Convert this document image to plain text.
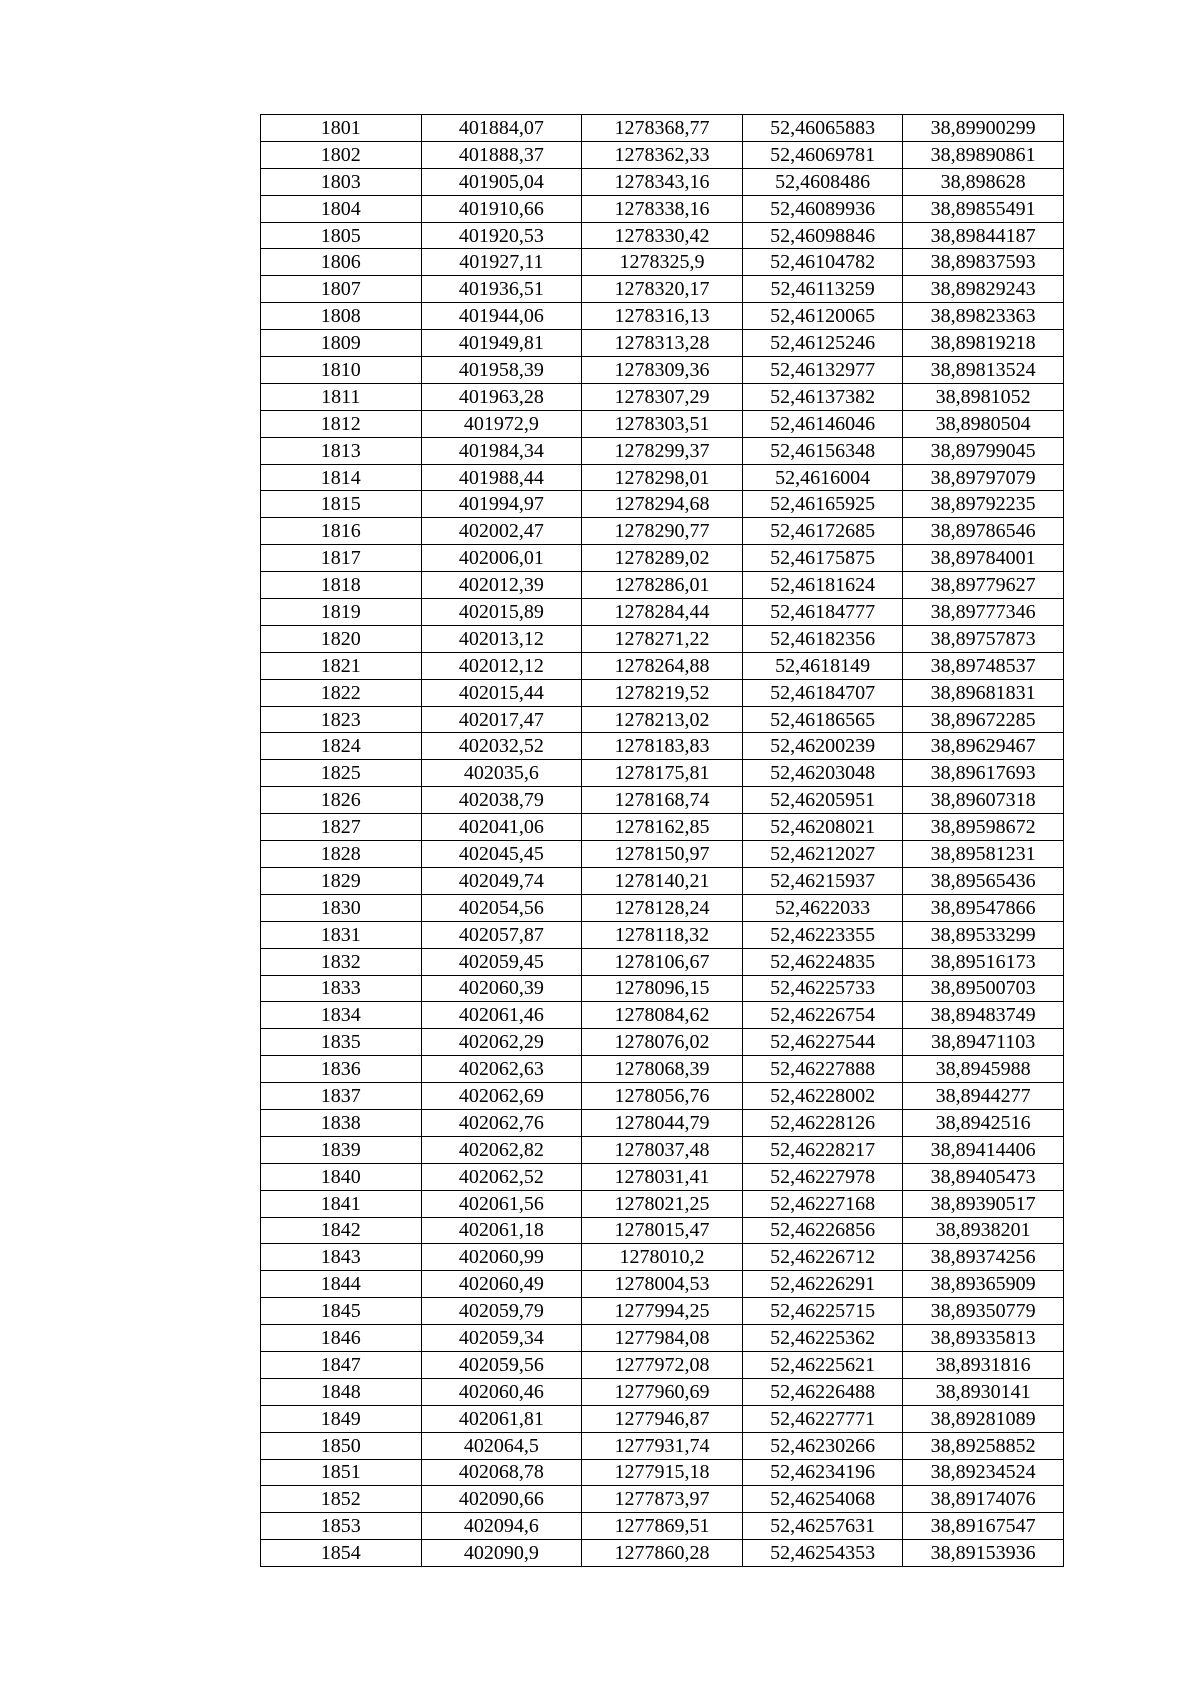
1801	401884,07	1278368,77	52,46065883	38,89900299
1802	401888,37	1278362,33	52,46069781	38,89890861
1803	401905,04	1278343,16	52,4608486	38,898628
1804	401910,66	1278338,16	52,46089936	38,89855491
1805	401920,53	1278330,42	52,46098846	38,89844187
1806	401927,11	1278325,9	52,46104782	38,89837593
1807	401936,51	1278320,17	52,46113259	38,89829243
1808	401944,06	1278316,13	52,46120065	38,89823363
1809	401949,81	1278313,28	52,46125246	38,89819218
1810	401958,39	1278309,36	52,46132977	38,89813524
1811	401963,28	1278307,29	52,46137382	38,8981052
1812	401972,9	1278303,51	52,46146046	38,8980504
1813	401984,34	1278299,37	52,46156348	38,89799045
1814	401988,44	1278298,01	52,4616004	38,89797079
1815	401994,97	1278294,68	52,46165925	38,89792235
1816	402002,47	1278290,77	52,46172685	38,89786546
1817	402006,01	1278289,02	52,46175875	38,89784001
1818	402012,39	1278286,01	52,46181624	38,89779627
1819	402015,89	1278284,44	52,46184777	38,89777346
1820	402013,12	1278271,22	52,46182356	38,89757873
1821	402012,12	1278264,88	52,4618149	38,89748537
1822	402015,44	1278219,52	52,46184707	38,89681831
1823	402017,47	1278213,02	52,46186565	38,89672285
1824	402032,52	1278183,83	52,46200239	38,89629467
1825	402035,6	1278175,81	52,46203048	38,89617693
1826	402038,79	1278168,74	52,46205951	38,89607318
1827	402041,06	1278162,85	52,46208021	38,89598672
1828	402045,45	1278150,97	52,46212027	38,89581231
1829	402049,74	1278140,21	52,46215937	38,89565436
1830	402054,56	1278128,24	52,4622033	38,89547866
1831	402057,87	1278118,32	52,46223355	38,89533299
1832	402059,45	1278106,67	52,46224835	38,89516173
1833	402060,39	1278096,15	52,46225733	38,89500703
1834	402061,46	1278084,62	52,46226754	38,89483749
1835	402062,29	1278076,02	52,46227544	38,89471103
1836	402062,63	1278068,39	52,46227888	38,8945988
1837	402062,69	1278056,76	52,46228002	38,8944277
1838	402062,76	1278044,79	52,46228126	38,8942516
1839	402062,82	1278037,48	52,46228217	38,89414406
1840	402062,52	1278031,41	52,46227978	38,89405473
1841	402061,56	1278021,25	52,46227168	38,89390517
1842	402061,18	1278015,47	52,46226856	38,8938201
1843	402060,99	1278010,2	52,46226712	38,89374256
1844	402060,49	1278004,53	52,46226291	38,89365909
1845	402059,79	1277994,25	52,46225715	38,89350779
1846	402059,34	1277984,08	52,46225362	38,89335813
1847	402059,56	1277972,08	52,46225621	38,8931816
1848	402060,46	1277960,69	52,46226488	38,8930141
1849	402061,81	1277946,87	52,46227771	38,89281089
1850	402064,5	1277931,74	52,46230266	38,89258852
1851	402068,78	1277915,18	52,46234196	38,89234524
1852	402090,66	1277873,97	52,46254068	38,89174076
1853	402094,6	1277869,51	52,46257631	38,89167547
1854	402090,9	1277860,28	52,46254353	38,89153936
